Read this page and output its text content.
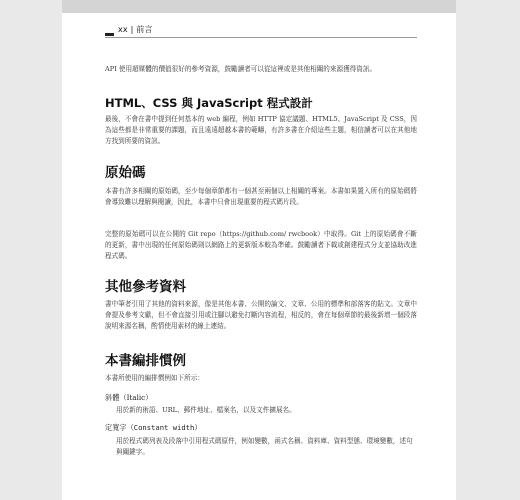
xx | 前言

API 使用超媒體的價值很好的參考資源，鼓勵讀者可以從這裡或是其他相關的來源獲得資訊。

HTML、CSS 與 JavaScript 程式設計

最後，不會在書中提到任何基本的 web 編程，例如 HTTP 協定議題、HTML5、JavaScript 及 CSS，因為這些都是非常重要的課題，而且遠遠超越本書的範疇，有許多書在介紹這些主題，相信讀者可以在其他地方找到所要的資訊。

原始碼

本書有許多相關的原始碼，至少每個章節都有一個甚至兩個以上相關的專案。本書如果置入所有的原始碼將會導致難以理解與閱讀，因此，本書中只會出現重要的程式碼片段。

完整的原始碼可以在公開的 Git repo（https://github.com/ rwcbook）中取得。Git 上的原始碼會不斷的更新，書中出現的任何原始碼則以網路上的更新版本較為準確。鼓勵讀者下載或創建程式分支並協助改進程式碼。

其他參考資料

書中筆者引用了其他的資料來源，像是其他本書、公開的論文、文章、公用的標準和部落客的貼文。文章中會提及參考文獻，但不會直接引用或注腳以避免打斷內容流程，相反的，會在每個章節的最後新增一個段落說明來源名稱，酌情使用素材的線上連結。

本書編排慣例

本書所使用的編排慣例如下所示：

斜體（Italic）

用於新的術語、URL、郵件地址、檔案名，以及文件擴展名。

定寬字（Constant width）

用於程式碼列表及段落中引用程式碼原件，例如變數，函式名稱、資料庫、資料型態、環境變數，述句與關鍵字。
